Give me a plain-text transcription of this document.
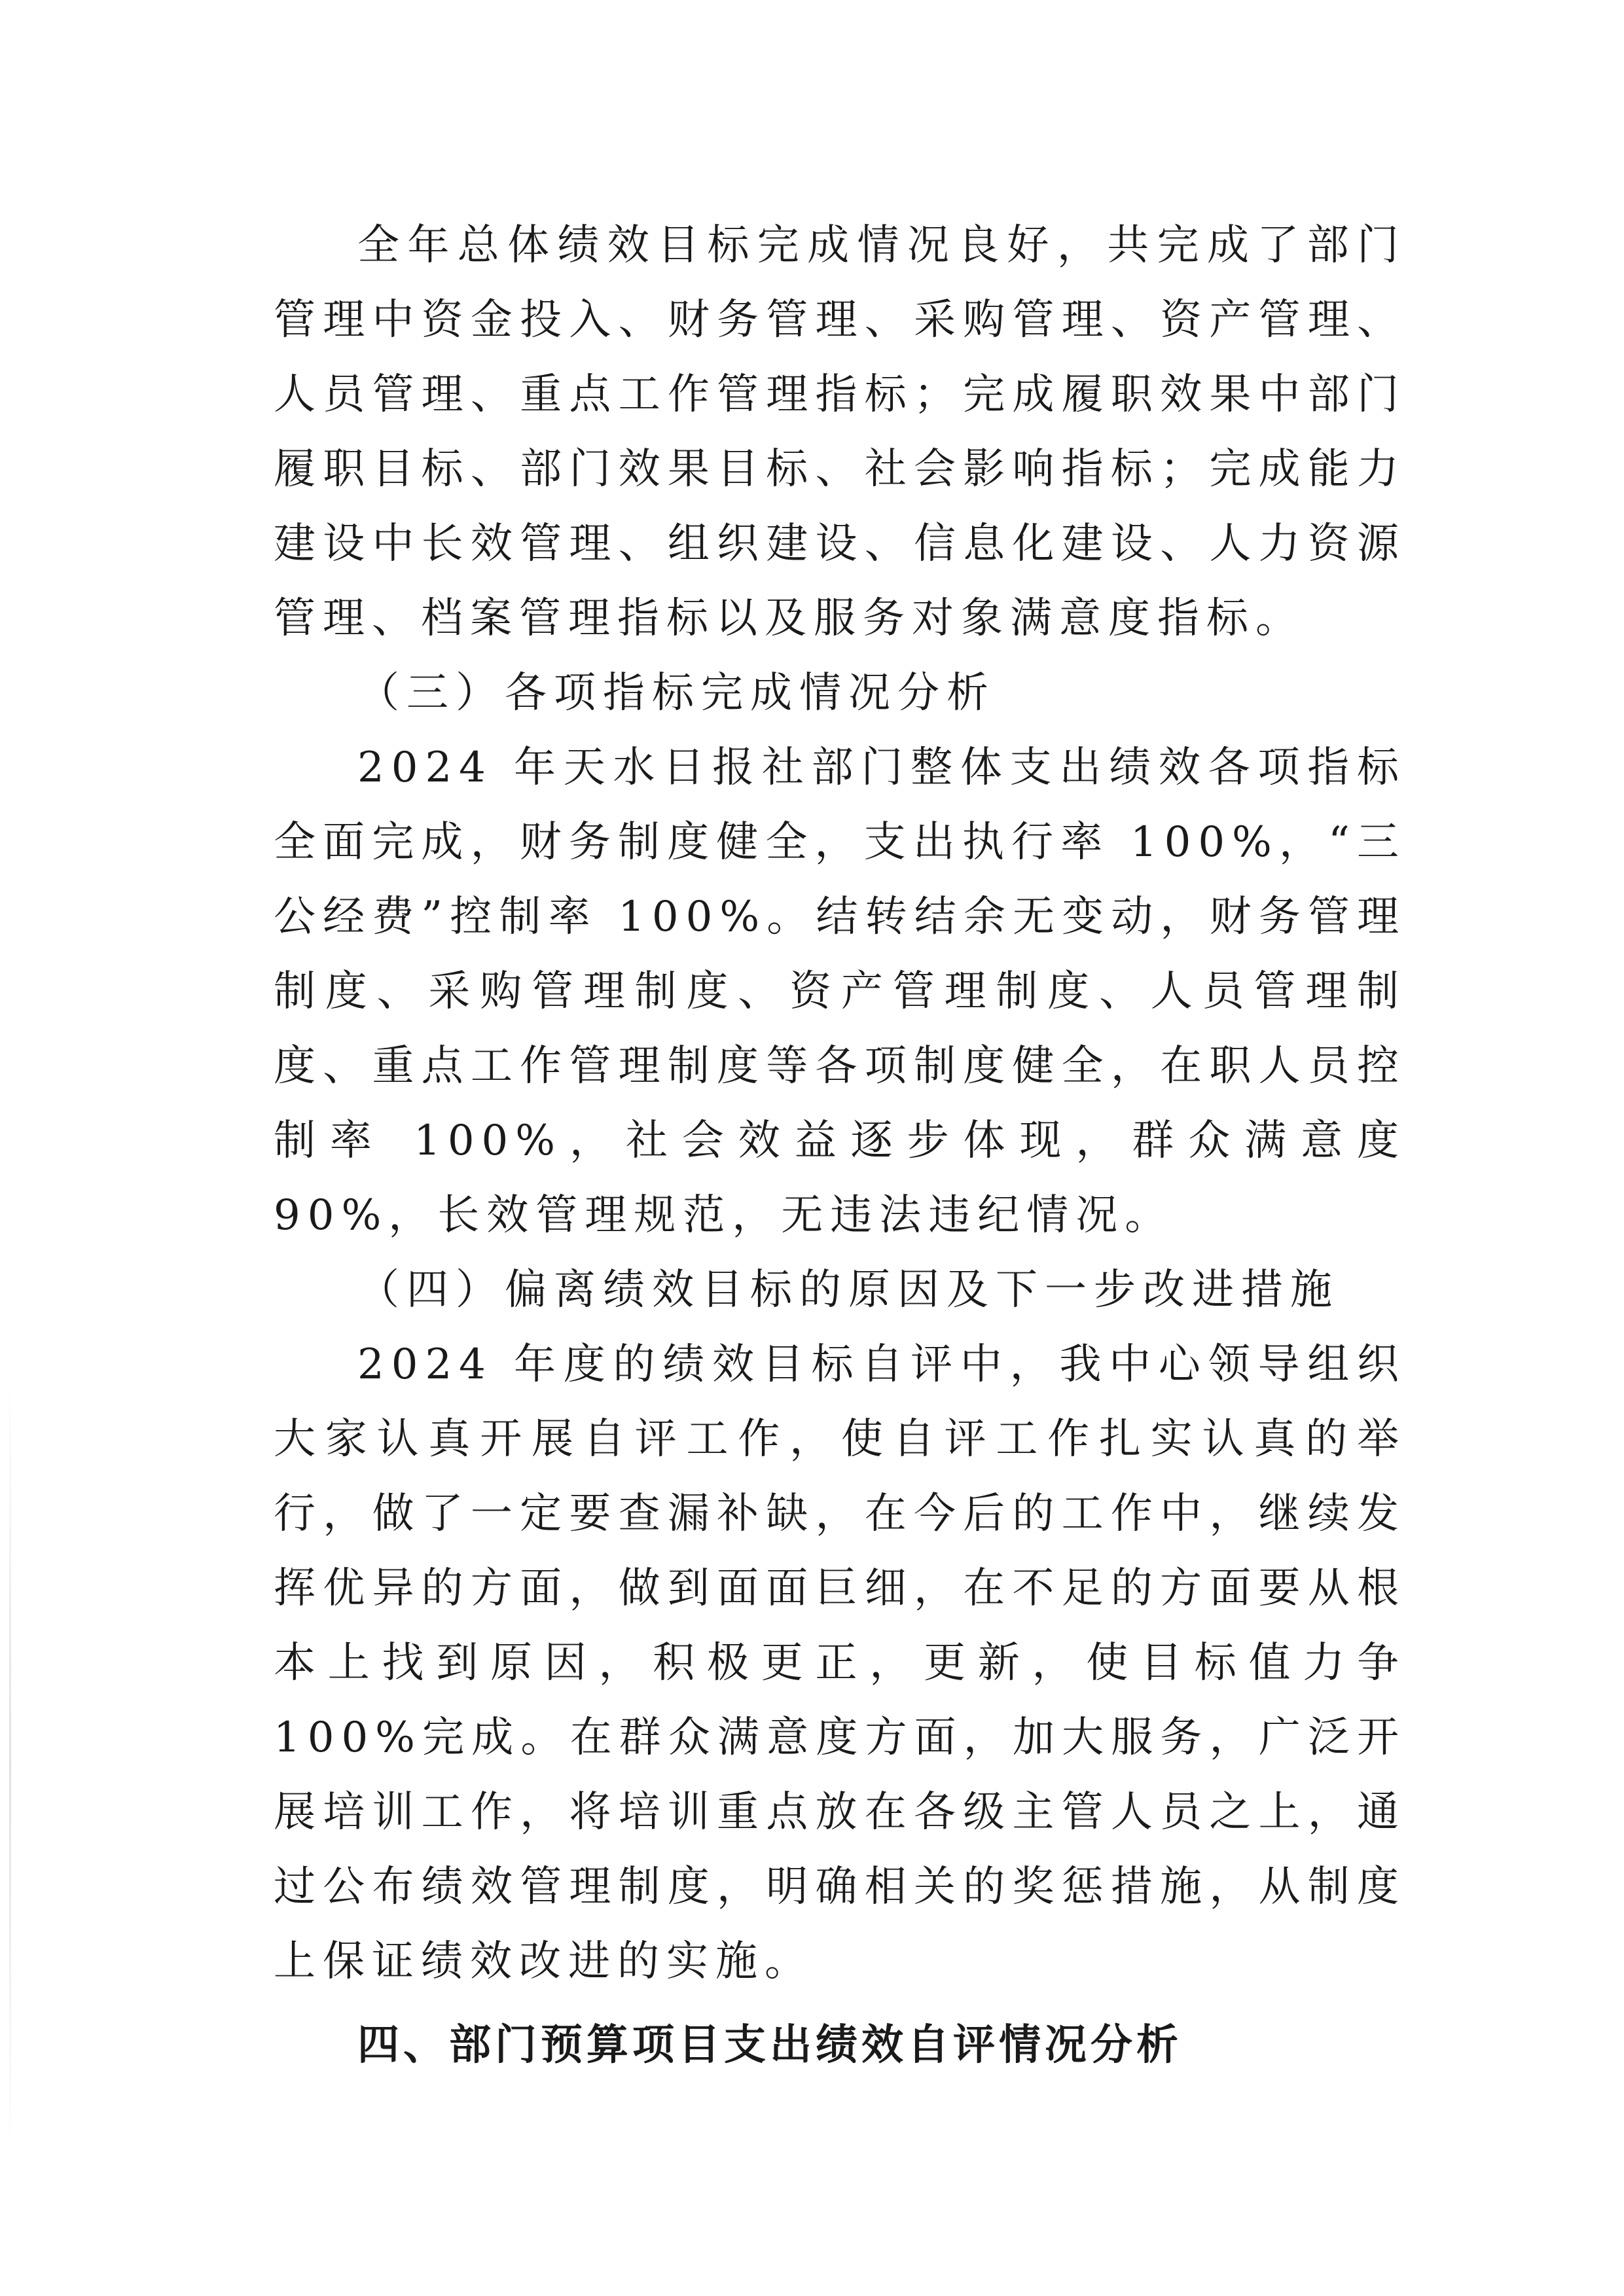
全年总体绩效目标完成情况良好，共完成了部门管理中资金投入、财务管理、采购管理、资产管理、人员管理、重点工作管理指标；完成履职效果中部门履职目标、部门效果目标、社会影响指标；完成能力建设中长效管理、组织建设、信息化建设、人力资源管理、档案管理指标以及服务对象满意度指标。

（三）各项指标完成情况分析

2024 年天水日报社部门整体支出绩效各项指标全面完成，财务制度健全，支出执行率 100%，“三公经费”控制率 100%。结转结余无变动，财务管理制度、采购管理制度、资产管理制度、人员管理制度、重点工作管理制度等各项制度健全，在职人员控制率 100%，社会效益逐步体现，群众满意度 90%，长效管理规范，无违法违纪情况。

（四）偏离绩效目标的原因及下一步改进措施

2024 年度的绩效目标自评中，我中心领导组织大家认真开展自评工作，使自评工作扎实认真的举行，做了一定要查漏补缺，在今后的工作中，继续发挥优异的方面，做到面面巨细，在不足的方面要从根本上找到原因，积极更正，更新，使目标值力争 100%完成。在群众满意度方面，加大服务，广泛开展培训工作，将培训重点放在各级主管人员之上，通过公布绩效管理制度，明确相关的奖惩措施，从制度上保证绩效改进的实施。

四、部门预算项目支出绩效自评情况分析
